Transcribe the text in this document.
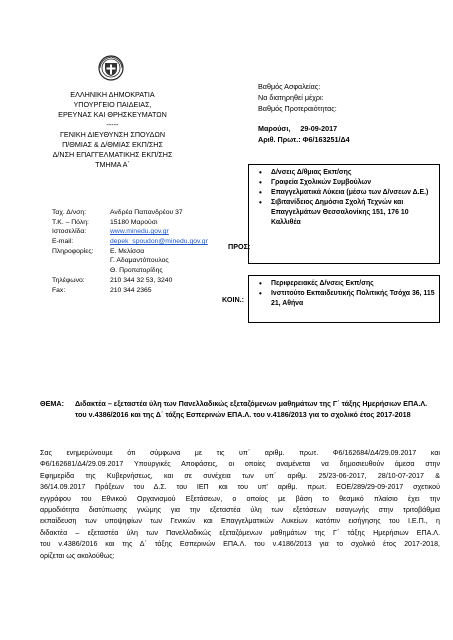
ΕΛΛΗΝΙΚΗ ΔΗΜΟΚΡΑΤΙΑ
ΥΠΟΥΡΓΕΙΟ ΠΑΙΔΕΙΑΣ,
ΕΡΕΥΝΑΣ ΚΑΙ ΘΡΗΣΚΕΥΜΑΤΩΝ
-----
ΓΕΝΙΚΗ ΔΙΕΥΘΥΝΣΗ ΣΠΟΥΔΩΝ
Π/ΘΜΙΑΣ & Δ/ΘΜΙΑΣ ΕΚΠ/ΣΗΣ
Δ/ΝΣΗ ΕΠΑΓΓΕΛΜΑΤΙΚΗΣ ΕΚΠ/ΣΗΣ
ΤΜΗΜΑ Α΄
Βαθμός Ασφαλείας:
Να διατηρηθεί μέχρι:
Βαθμός Προτεραιότητας:
Μαρούσι,     29-09-2017
Αριθ. Πρωτ.: Φ6/163251/Δ4
Ταχ. Δ/νση:	Ανδρέα Παπανδρέου 37
Τ.Κ. – Πόλη:	15180 Μαρούσι
Ιστοσελίδα:	www.minedu.gov.gr
E-mail:	depek_spoudon@minedu.gov.gr
Πληροφορίες:	Ε. Μελίσσα
Γ. Αδαμαντόπουλος
Θ. Προπατορίδης
Τηλέφωνο:	210 344 32 53, 3240
Fax:	210 344 2365
ΠΡΟΣ:
ΚΟΙΝ.:
• Δ/νσεις Δ/θμιας Εκπ/σης
• Γραφεία Σχολικών Συμβούλων
• Επαγγελματικά Λύκεια (μέσω των Δ/νσεων Δ.Ε.)
• Σιβιτανίδειος Δημόσια Σχολή Τεχνών και Επαγγελμάτων Θεσσαλονίκης 151, 176 10 Καλλιθέα
• Περιφερειακές Δ/νσεις Εκπ/σης
• Ινστιτούτο Εκπαιδευτικής Πολιτικής Τσόχα 36, 115 21, Αθήνα
ΘΕΜΑ: Διδακτέα – εξεταστέα ύλη των Πανελλαδικώς εξεταζόμενων μαθημάτων της Γ΄ τάξης Ημερήσιων ΕΠΑ.Λ. του ν.4386/2016 και της Δ΄ τάξης Εσπερινών ΕΠΑ.Λ. του ν.4186/2013 για το σχολικό έτος 2017-2018
Σας ενημερώνουμε ότι σύμφωνα με τις υπ΄ αριθμ. πρωτ. Φ6/162684/Δ4/29.09.2017 και
Φ6/162681/Δ4/29.09.2017 Υπουργικές Αποφάσεις, οι οποίες αναμένεται να δημοσιευθούν άμεσα στην
Εφημερίδα της Κυβερνήσεως, και σε συνέχεια των υπ΄ αριθμ. 25/23-06-2017, 28/10-07-2017 &
36/14.09.2017 Πράξεων του Δ.Σ. του ΙΕΠ και του υπ' αριθμ. πρωτ. ΕΟΕ/289/29-09-2017 σχετικού
εγγράφου του Εθνικού Οργανισμού Εξετάσεων, ο οποίος με βάση το θεσμικό πλαίσιο έχει την
αρμοδιότητα διατύπωσης γνώμης για την εξεταστέα ύλη των εξετάσεων εισαγωγής στην τριτοβάθμια
εκπαίδευση των υποψηφίων των Γενικών και Επαγγελματικών Λυκείων κατόπιν εισήγησης του Ι.Ε.Π., η
διδακτέα – εξεταστέα ύλη των Πανελλαδικώς εξεταζόμενων μαθημάτων της Γ΄ τάξης Ημερήσιων ΕΠΑ.Λ.
του ν.4386/2016 και της Δ΄ τάξης Εσπερινών ΕΠΑ.Λ. του ν.4186/2013 για το σχολικό έτος 2017-2018,
ορίζεται ως ακολούθως:
